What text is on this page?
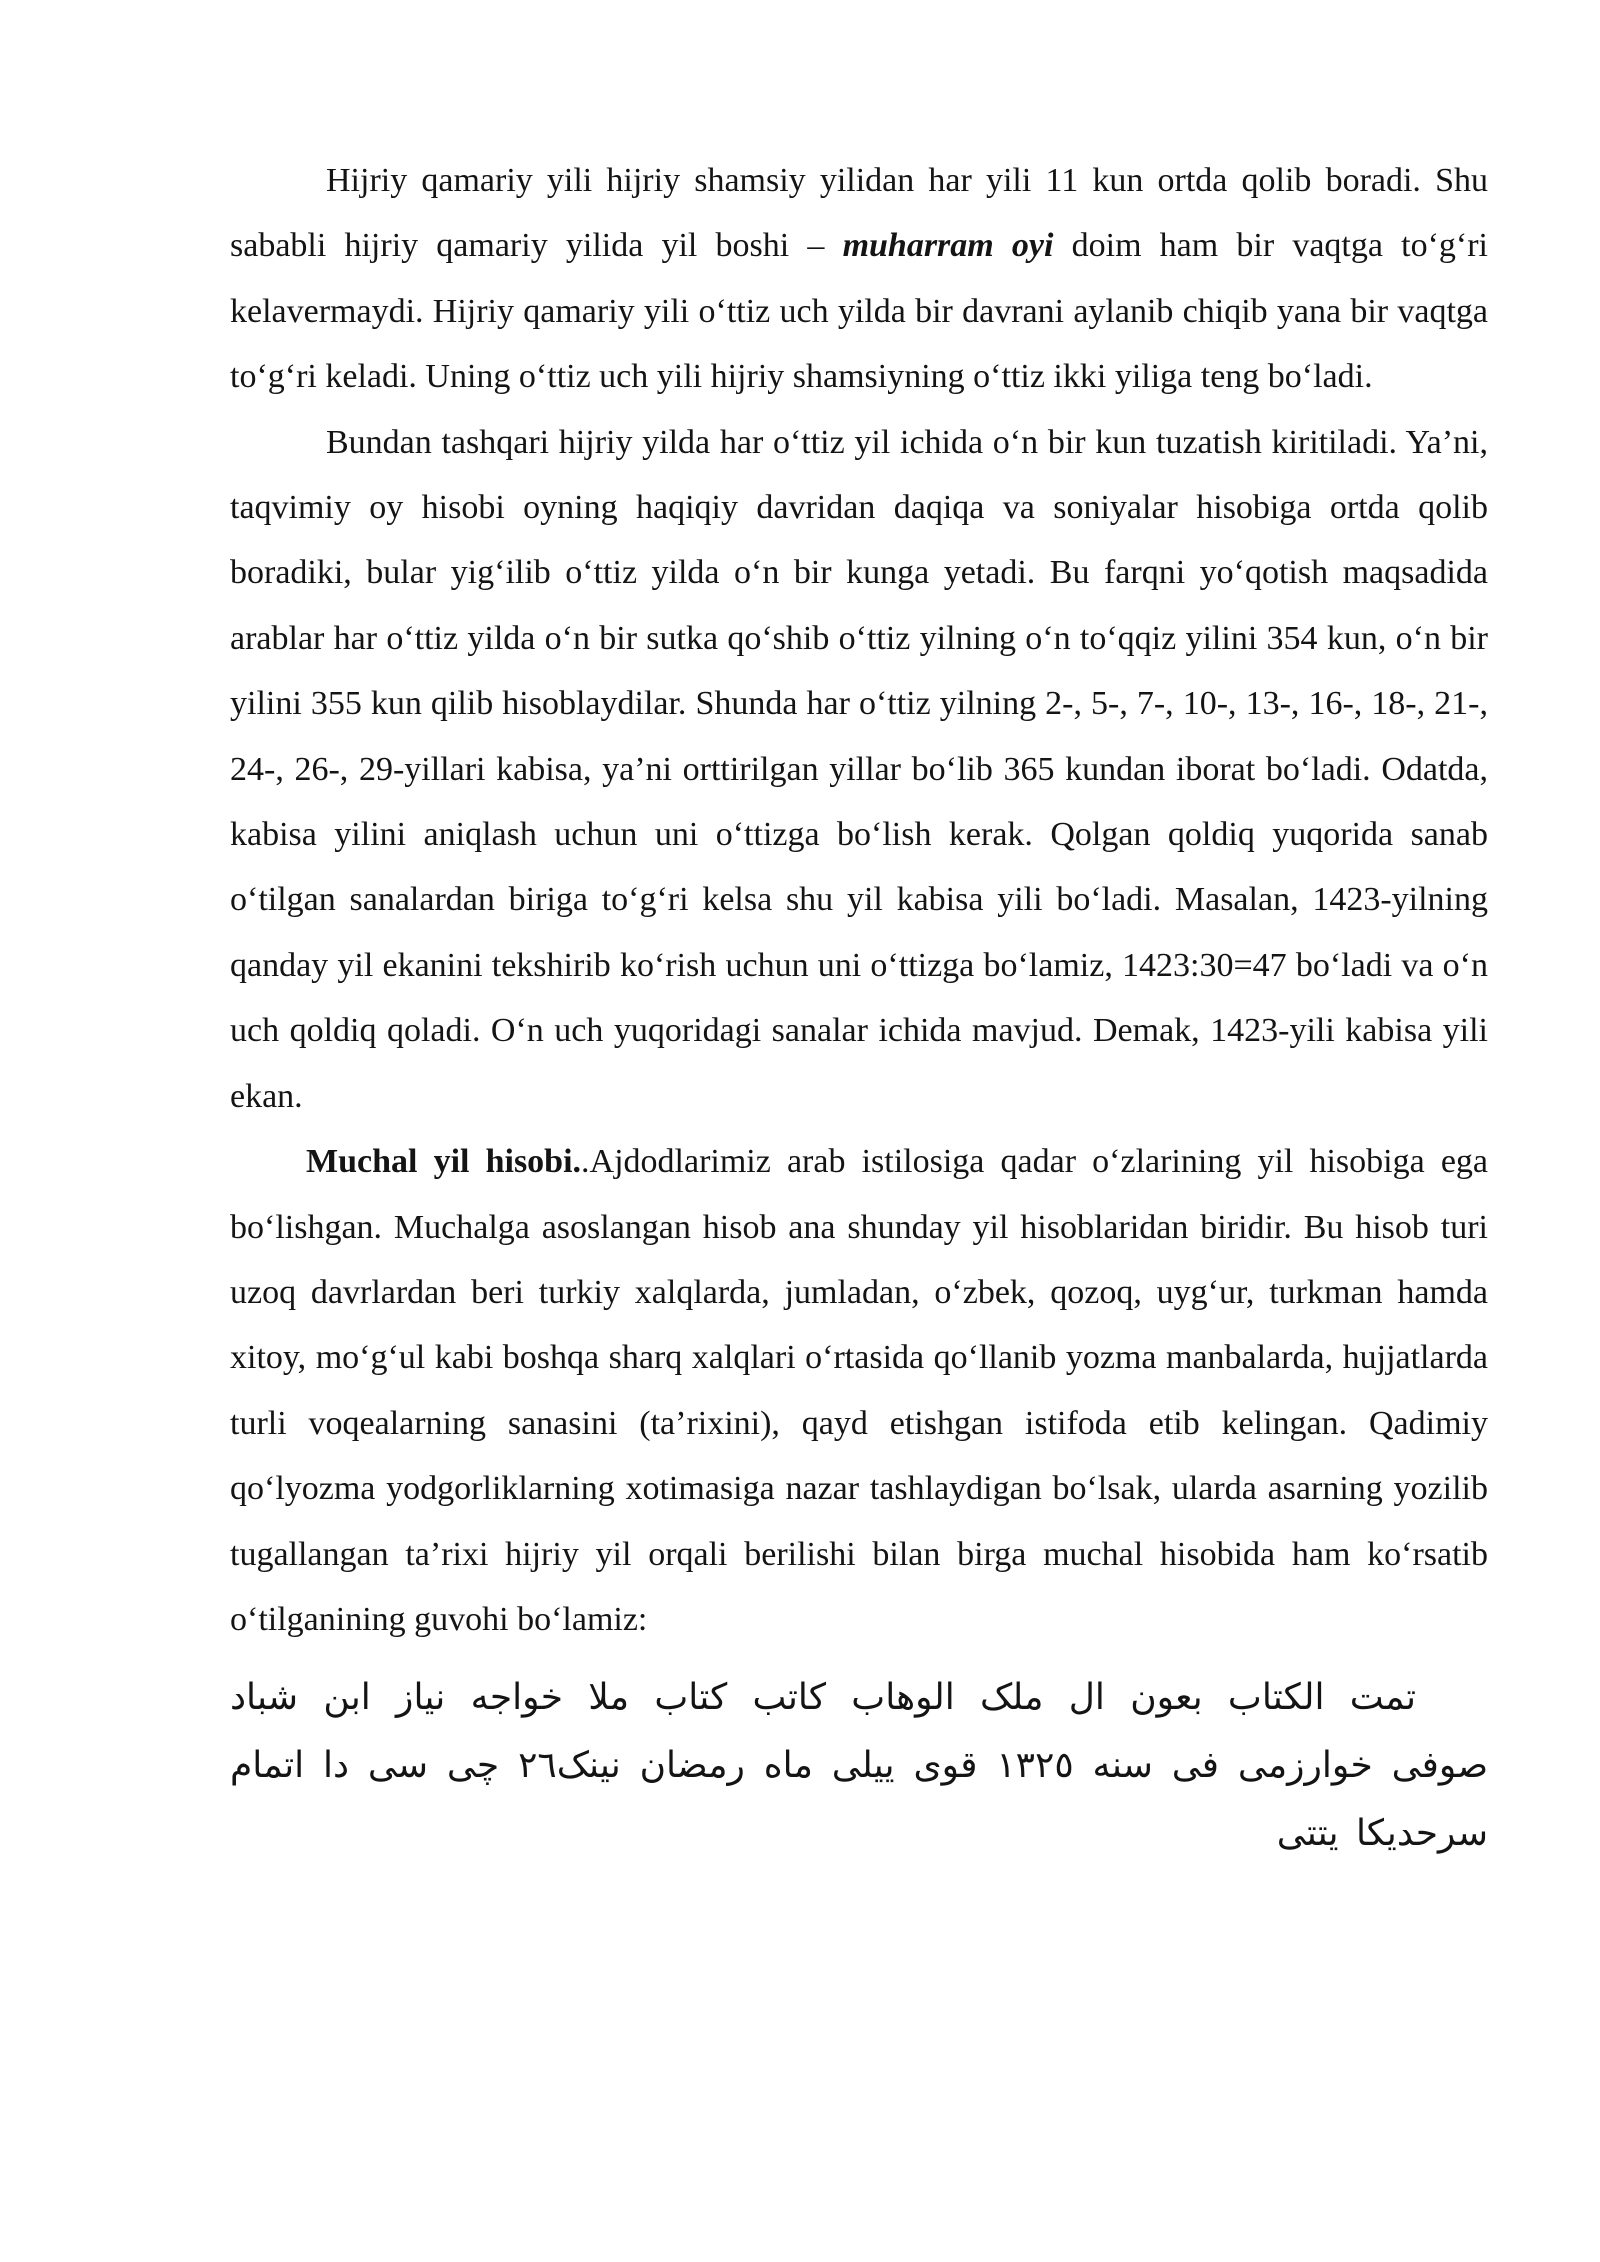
Hijriy qamariy yili hijriy shamsiy yilidan har yili 11 kun ortda qolib boradi. Shu sababli hijriy qamariy yilida yil boshi – muharram oyi doim ham bir vaqtga to‘g‘ri kelavermaydi. Hijriy qamariy yili o‘ttiz uch yilda bir davrani aylanib chiqib yana bir vaqtga to‘g‘ri keladi. Uning o‘ttiz uch yili hijriy shamsiyning o‘ttiz ikki yiliga teng bo‘ladi.

Bundan tashqari hijriy yilda har o‘ttiz yil ichida o‘n bir kun tuzatish kiritiladi. Ya’ni, taqvimiy oy hisobi oyning haqiqiy davridan daqiqa va soniyalar hisobiga ortda qolib boradiki, bular yig‘ilib o‘ttiz yilda o‘n bir kunga yetadi. Bu farqni yo‘qotish maqsadida arablar har o‘ttiz yilda o‘n bir sutka qo‘shib o‘ttiz yilning o‘n to‘qqiz yilini 354 kun, o‘n bir yilini 355 kun qilib hisoblaydilar. Shunda har o‘ttiz yilning 2-, 5-, 7-, 10-, 13-, 16-, 18-, 21-, 24-, 26-, 29-yillari kabisa, ya’ni orttirilgan yillar bo‘lib 365 kundan iborat bo‘ladi. Odatda, kabisa yilini aniqlash uchun uni o‘ttizga bo‘lish kerak. Qolgan qoldiq yuqorida sanab o‘tilgan sanalardan biriga to‘g‘ri kelsa shu yil kabisa yili bo‘ladi. Masalan, 1423-yilning qanday yil ekanini tekshirib ko‘rish uchun uni o‘ttizga bo‘lamiz, 1423:30=47 bo‘ladi va o‘n uch qoldiq qoladi. O‘n uch yuqoridagi sanalar ichida mavjud. Demak, 1423-yili kabisa yili ekan.

Muchal yil hisobi..Ajdodlarimiz arab istilosiga qadar o‘zlarining yil hisobiga ega bo‘lishgan. Muchalga asoslangan hisob ana shunday yil hisoblaridan biridir. Bu hisob turi uzoq davrlardan beri turkiy xalqlarda, jumladan, o‘zbek, qozoq, uyg‘ur, turkman hamda xitoy, mo‘g‘ul kabi boshqa sharq xalqlari o‘rtasida qo‘llanib yozma manbalarda, hujjatlarda turli voqealarning sanasini (ta’rixini), qayd etishgan istifoda etib kelingan. Qadimiy qo‘lyozma yodgorliklarning xotimasiga nazar tashlaydigan bo‘lsak, ularda asarning yozilib tugallangan ta’rixi hijriy yil orqali berilishi bilan birga muchal hisobida ham ko‘rsatib o‘tilganining guvohi bo‘lamiz:

تمت الکتاب بعون ال ملک الوهاب کاتب کتاب ملا خواجه نیاز ابن شباد صوفی خوارزمی فی سنه ١٣٢٥ قوی ییلی ماه رمضان نینک٢٦ چی سی دا اتمام سرحدیکا یتتی
